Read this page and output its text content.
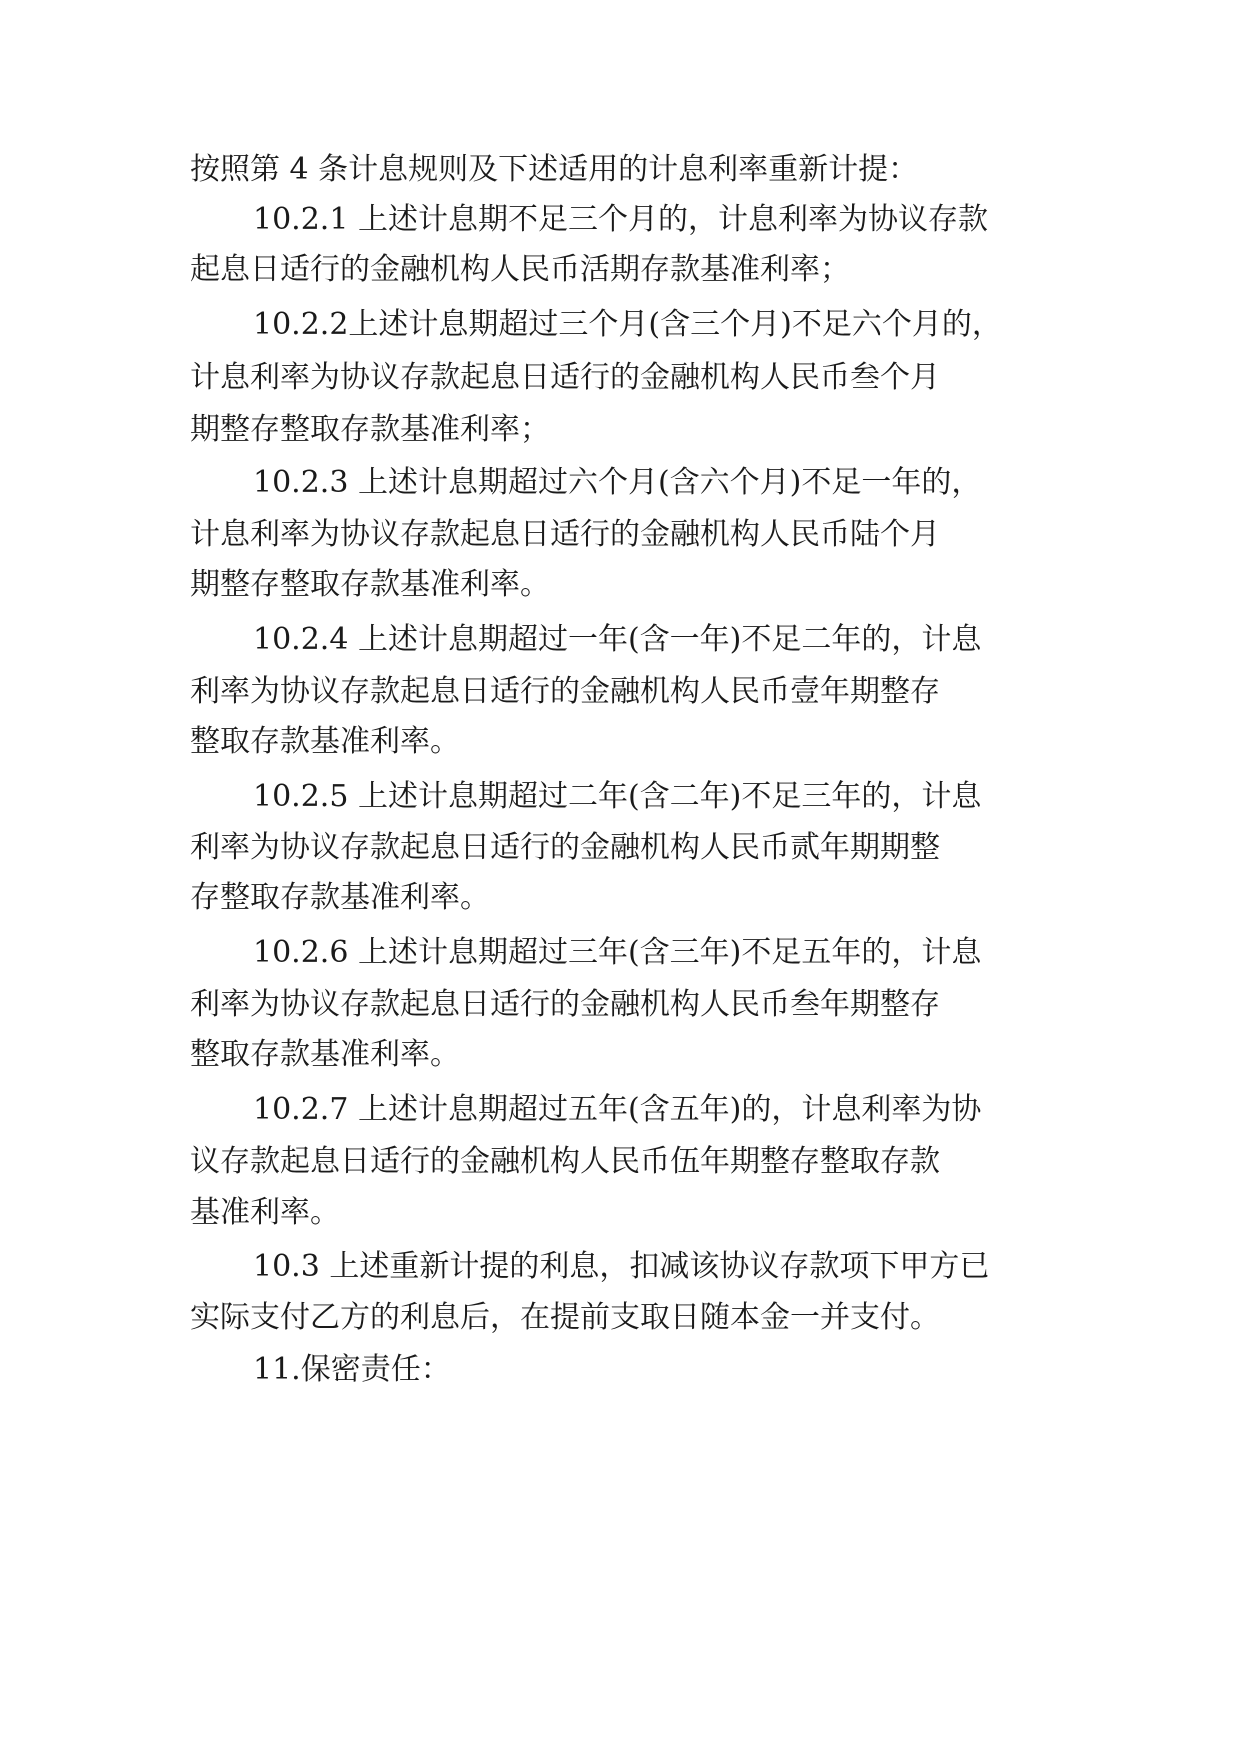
按照第 4 条计息规则及下述适用的计息利率重新计提：
10.2.1 上述计息期不足三个月的，计息利率为协议存款
起息日适行的金融机构人民币活期存款基准利率；
10.2.2上述计息期超过三个月(含三个月)不足六个月的，
计息利率为协议存款起息日适行的金融机构人民币叁个月
期整存整取存款基准利率；
10.2.3 上述计息期超过六个月(含六个月)不足一年的，
计息利率为协议存款起息日适行的金融机构人民币陆个月
期整存整取存款基准利率。
10.2.4 上述计息期超过一年(含一年)不足二年的，计息
利率为协议存款起息日适行的金融机构人民币壹年期整存
整取存款基准利率。
10.2.5 上述计息期超过二年(含二年)不足三年的，计息
利率为协议存款起息日适行的金融机构人民币贰年期期整
存整取存款基准利率。
10.2.6 上述计息期超过三年(含三年)不足五年的，计息
利率为协议存款起息日适行的金融机构人民币叁年期整存
整取存款基准利率。
10.2.7 上述计息期超过五年(含五年)的，计息利率为协
议存款起息日适行的金融机构人民币伍年期整存整取存款
基准利率。
10.3 上述重新计提的利息，扣减该协议存款项下甲方已
实际支付乙方的利息后，在提前支取日随本金一并支付。
11.保密责任：
